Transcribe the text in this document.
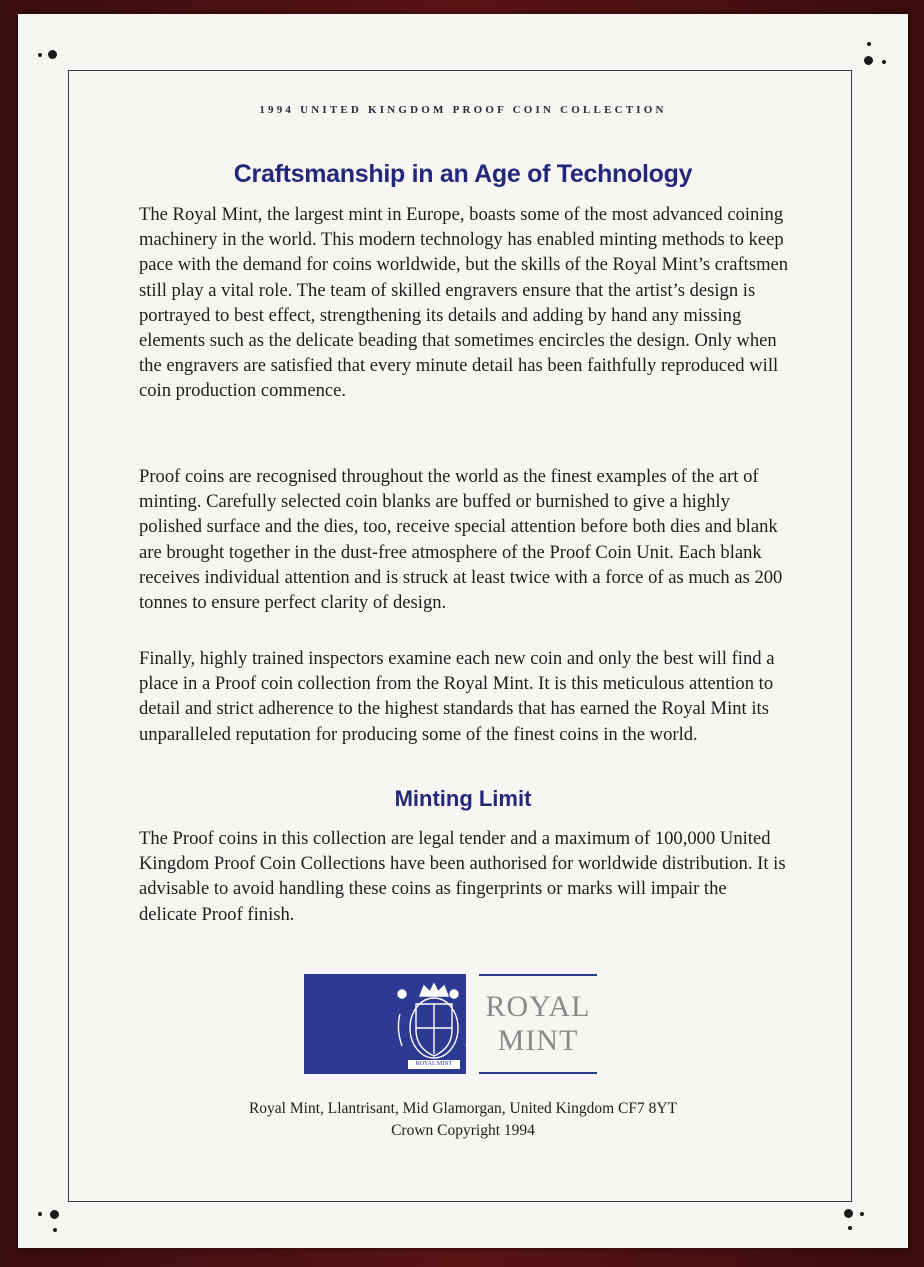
1994 UNITED KINGDOM PROOF COIN COLLECTION
Craftsmanship in an Age of Technology
The Royal Mint, the largest mint in Europe, boasts some of the most advanced coining machinery in the world. This modern technology has enabled minting methods to keep pace with the demand for coins worldwide, but the skills of the Royal Mint’s craftsmen still play a vital role. The team of skilled engravers ensure that the artist’s design is portrayed to best effect, strengthening its details and adding by hand any missing elements such as the delicate beading that sometimes encircles the design. Only when the engravers are satisfied that every minute detail has been faithfully reproduced will coin production commence.
Proof coins are recognised throughout the world as the finest examples of the art of minting. Carefully selected coin blanks are buffed or burnished to give a highly polished surface and the dies, too, receive special attention before both dies and blank are brought together in the dust-free atmosphere of the Proof Coin Unit. Each blank receives individual attention and is struck at least twice with a force of as much as 200 tonnes to ensure perfect clarity of design.
Finally, highly trained inspectors examine each new coin and only the best will find a place in a Proof coin collection from the Royal Mint. It is this meticulous attention to detail and strict adherence to the highest standards that has earned the Royal Mint its unparalleled reputation for producing some of the finest coins in the world.
Minting Limit
The Proof coins in this collection are legal tender and a maximum of 100,000 United Kingdom Proof Coin Collections have been authorised for worldwide distribution. It is advisable to avoid handling these coins as fingerprints or marks will impair the delicate Proof finish.
ROYAL MINT
ROYAL
MINT
Royal Mint, Llantrisant, Mid Glamorgan, United Kingdom CF7 8YT
Crown Copyright 1994
